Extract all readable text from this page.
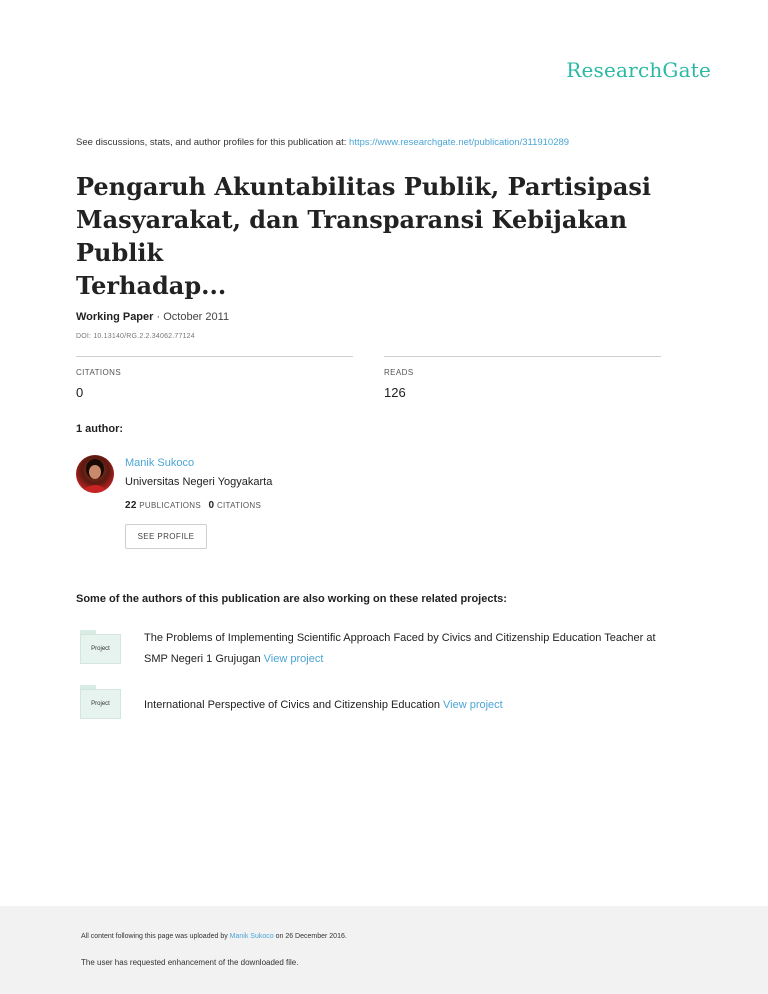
ResearchGate
See discussions, stats, and author profiles for this publication at: https://www.researchgate.net/publication/311910289
Pengaruh Akuntabilitas Publik, Partisipasi
Masyarakat, dan Transparansi Kebijakan Publik
Terhadap...
Working Paper · October 2011
DOI: 10.13140/RG.2.2.34062.77124
CITATIONS
0
READS
126
1 author:
Manik Sukoco
Universitas Negeri Yogyakarta
22 PUBLICATIONS 0 CITATIONS
SEE PROFILE
Some of the authors of this publication are also working on these related projects:
Project
The Problems of Implementing Scientific Approach Faced by Civics and Citizenship Education Teacher at
SMP Negeri 1 Grujugan View project
Project	International Perspective of Civics and Citizenship Education View project
All content following this page was uploaded by Manik Sukoco on 26 December 2016.
The user has requested enhancement of the downloaded file.
